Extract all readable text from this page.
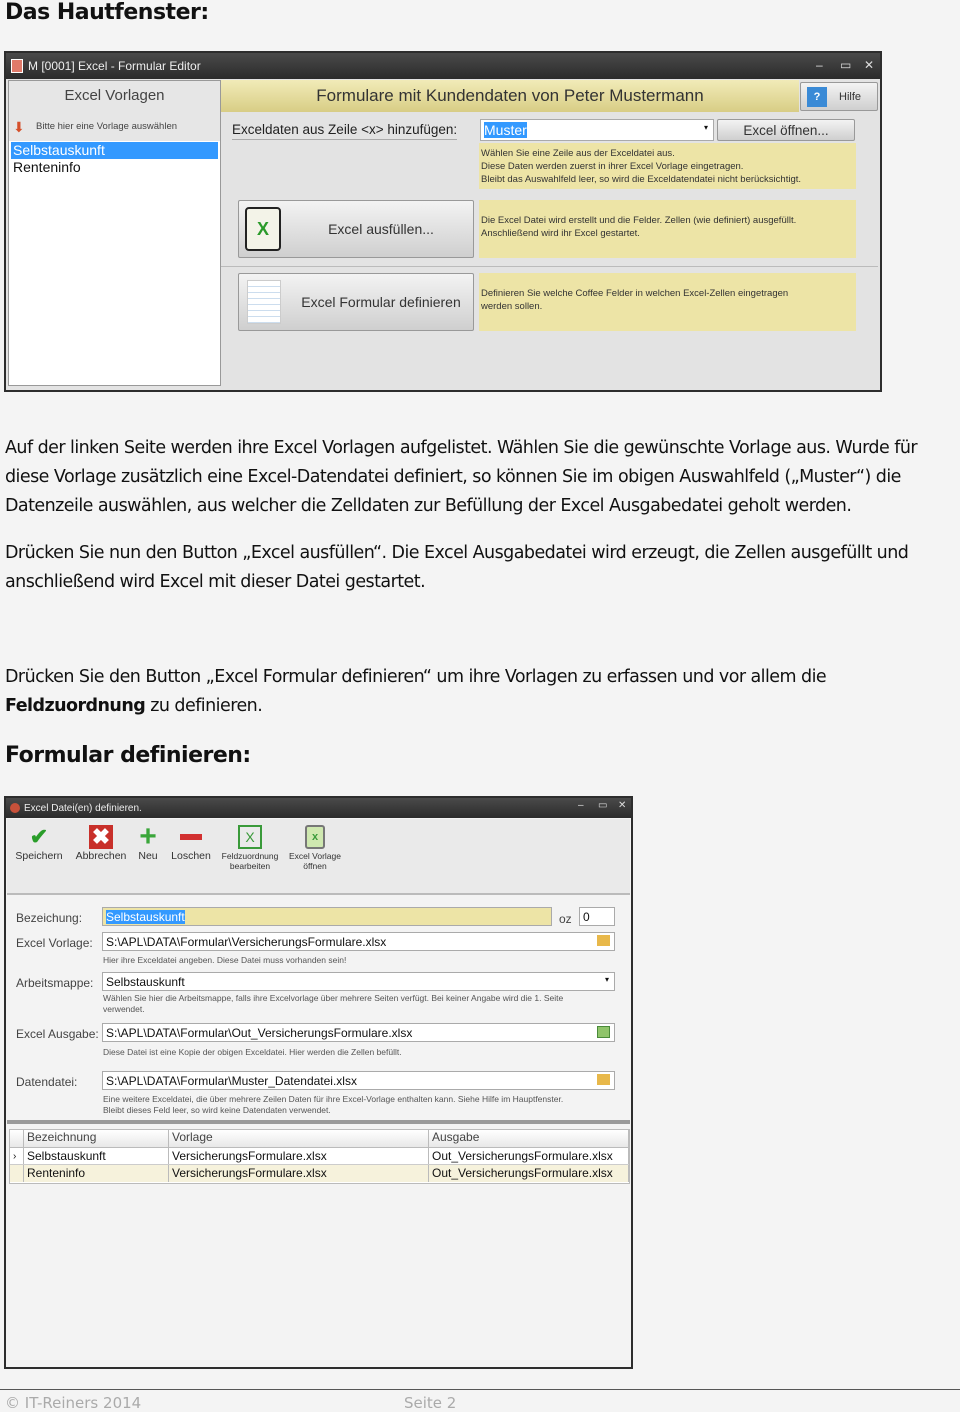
Das Hautfenster:
M [0001] Excel - Formular Editor	– ▭ ✕
Excel Vorlagen
⬇ Bitte hier eine Vorlage auswählen
Selbstauskunft
Renteninfo
Formulare mit Kundendaten von Peter Mustermann	?	Hilfe
Exceldaten aus Zeile <x> hinzufügen: Muster	▾	Excel öffnen...
Wählen Sie eine Zeile aus der Exceldatei aus.
Diese Daten werden zuerst in ihrer Excel Vorlage eingetragen.
Bleibt das Auswahlfeld leer, so wird die Exceldatendatei nicht berücksichtigt.
X	Excel ausfüllen...
Die Excel Datei wird erstellt und die Felder. Zellen (wie definiert) ausgefüllt.
Anschließend wird ihr Excel gestartet.
Excel Formular definieren
Definieren Sie welche Coffee Felder in welchen Excel-Zellen eingetragen
werden sollen.

Auf der linken Seite werden ihre Excel Vorlagen aufgelistet. Wählen Sie die gewünschte Vorlage aus. Wurde für diese Vorlage zusätzlich eine Excel-Datendatei definiert, so können Sie im obigen Auswahlfeld („Muster“) die Datenzeile auswählen, aus welcher die Zelldaten zur Befüllung der Excel Ausgabedatei geholt werden.

Drücken Sie nun den Button „Excel ausfüllen“. Die Excel Ausgabedatei wird erzeugt, die Zellen ausgefüllt und anschließend wird Excel mit dieser Datei gestartet.

Drücken Sie den Button „Excel Formular definieren“ um ihre Vorlagen zu erfassen und vor allem die Feldzuordnung zu definieren.

Formular definieren:
Excel Datei(en) definieren.	– ▭ ✕
✔
Speichern
✖
Abbrechen
+
Neu	Loschen
X
Feldzuordnung bearbeiten
x
Excel Vorlage öffnen
Bezeichung: Selbstauskunft	oz 0
Excel Vorlage: S:\APL\DATA\Formular\VersicherungsFormulare.xlsx
Hier ihre Exceldatei angeben. Diese Datei muss vorhanden sein!
Arbeitsmappe: Selbstauskunft	▾
Wählen Sie hier die Arbeitsmappe, falls ihre Excelvorlage über mehrere Seiten verfügt. Bei keiner Angabe wird die 1. Seite verwendet.
Excel Ausgabe: S:\APL\DATA\Formular\Out_VersicherungsFormulare.xlsx
Diese Datei ist eine Kopie der obigen Exceldatei. Hier werden die Zellen befüllt.
Datendatei: S:\APL\DATA\Formular\Muster_Datendatei.xlsx
Eine weitere Exceldatei, die über mehrere Zeilen Daten für ihre Excel-Vorlage enthalten kann. Siehe Hilfe im Hauptfenster. Bleibt dieses Feld leer, so wird keine Datendaten verwendet.
Bezeichnung	Vorlage	Ausgabe
› Selbstauskunft	VersicherungsFormulare.xlsx	Out_VersicherungsFormulare.xlsx
Renteninfo	VersicherungsFormulare.xlsx	Out_VersicherungsFormulare.xlsx
© IT-Reiners 2014	Seite 2
